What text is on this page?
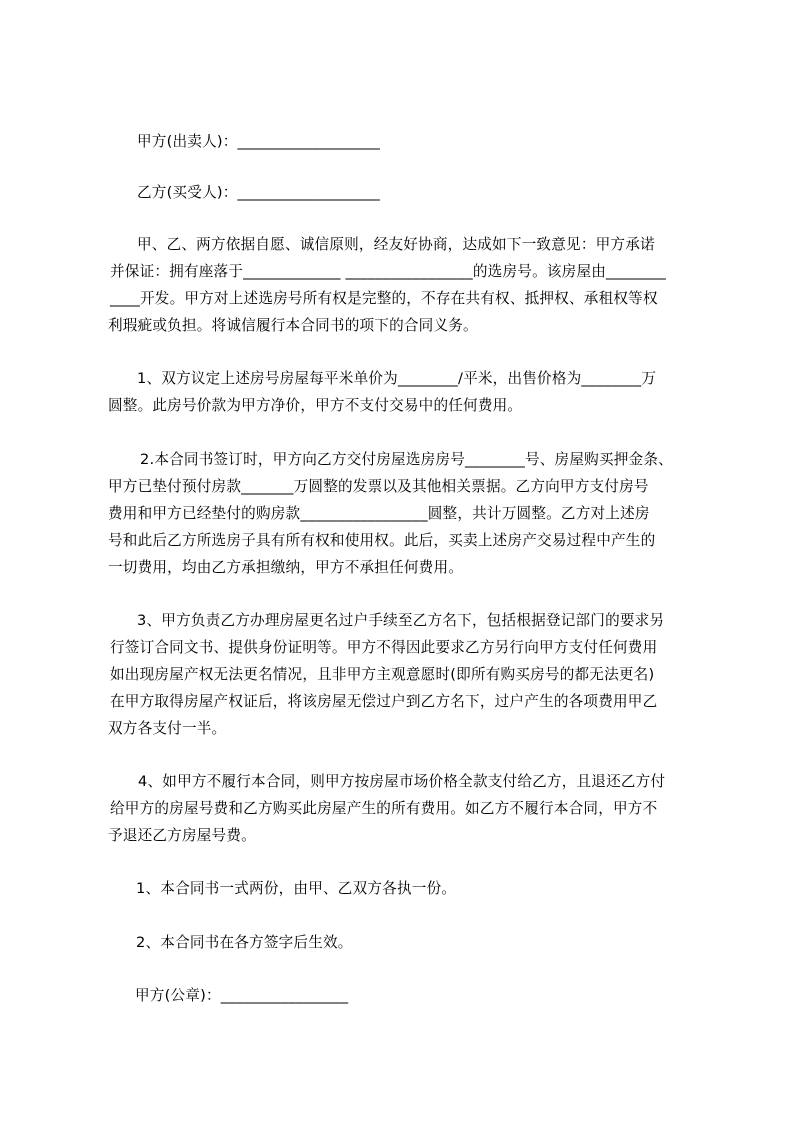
甲方(出卖人)：___________________
乙方(买受人)：___________________
甲、乙、两方依据自愿、诚信原则，经友好协商，达成如下一致意见：甲方承诺
并保证：拥有座落于_____________ _________________的选房号。该房屋由________
____开发。甲方对上述选房号所有权是完整的，不存在共有权、抵押权、承租权等权
利瑕疵或负担。将诚信履行本合同书的项下的合同义务。
1、双方议定上述房号房屋每平米单价为________/平米，出售价格为________万
圆整。此房号价款为甲方净价，甲方不支付交易中的任何费用。
2.本合同书签订时，甲方向乙方交付房屋选房房号________号、房屋购买押金条、
甲方已垫付预付房款_______万圆整的发票以及其他相关票据。乙方向甲方支付房号
费用和甲方已经垫付的购房款_________________圆整，共计万圆整。乙方对上述房
号和此后乙方所选房子具有所有权和使用权。此后，买卖上述房产交易过程中产生的
一切费用，均由乙方承担缴纳，甲方不承担任何费用。
3、甲方负责乙方办理房屋更名过户手续至乙方名下，包括根据登记部门的要求另
行签订合同文书、提供身份证明等。甲方不得因此要求乙方另行向甲方支付任何费用
如出现房屋产权无法更名情况，且非甲方主观意愿时(即所有购买房号的都无法更名)
在甲方取得房屋产权证后，将该房屋无偿过户到乙方名下，过户产生的各项费用甲乙
双方各支付一半。
4、如甲方不履行本合同，则甲方按房屋市场价格全款支付给乙方，且退还乙方付
给甲方的房屋号费和乙方购买此房屋产生的所有费用。如乙方不履行本合同，甲方不
予退还乙方房屋号费。
1、本合同书一式两份，由甲、乙双方各执一份。
2、本合同书在各方签字后生效。
甲方(公章)：_________________
